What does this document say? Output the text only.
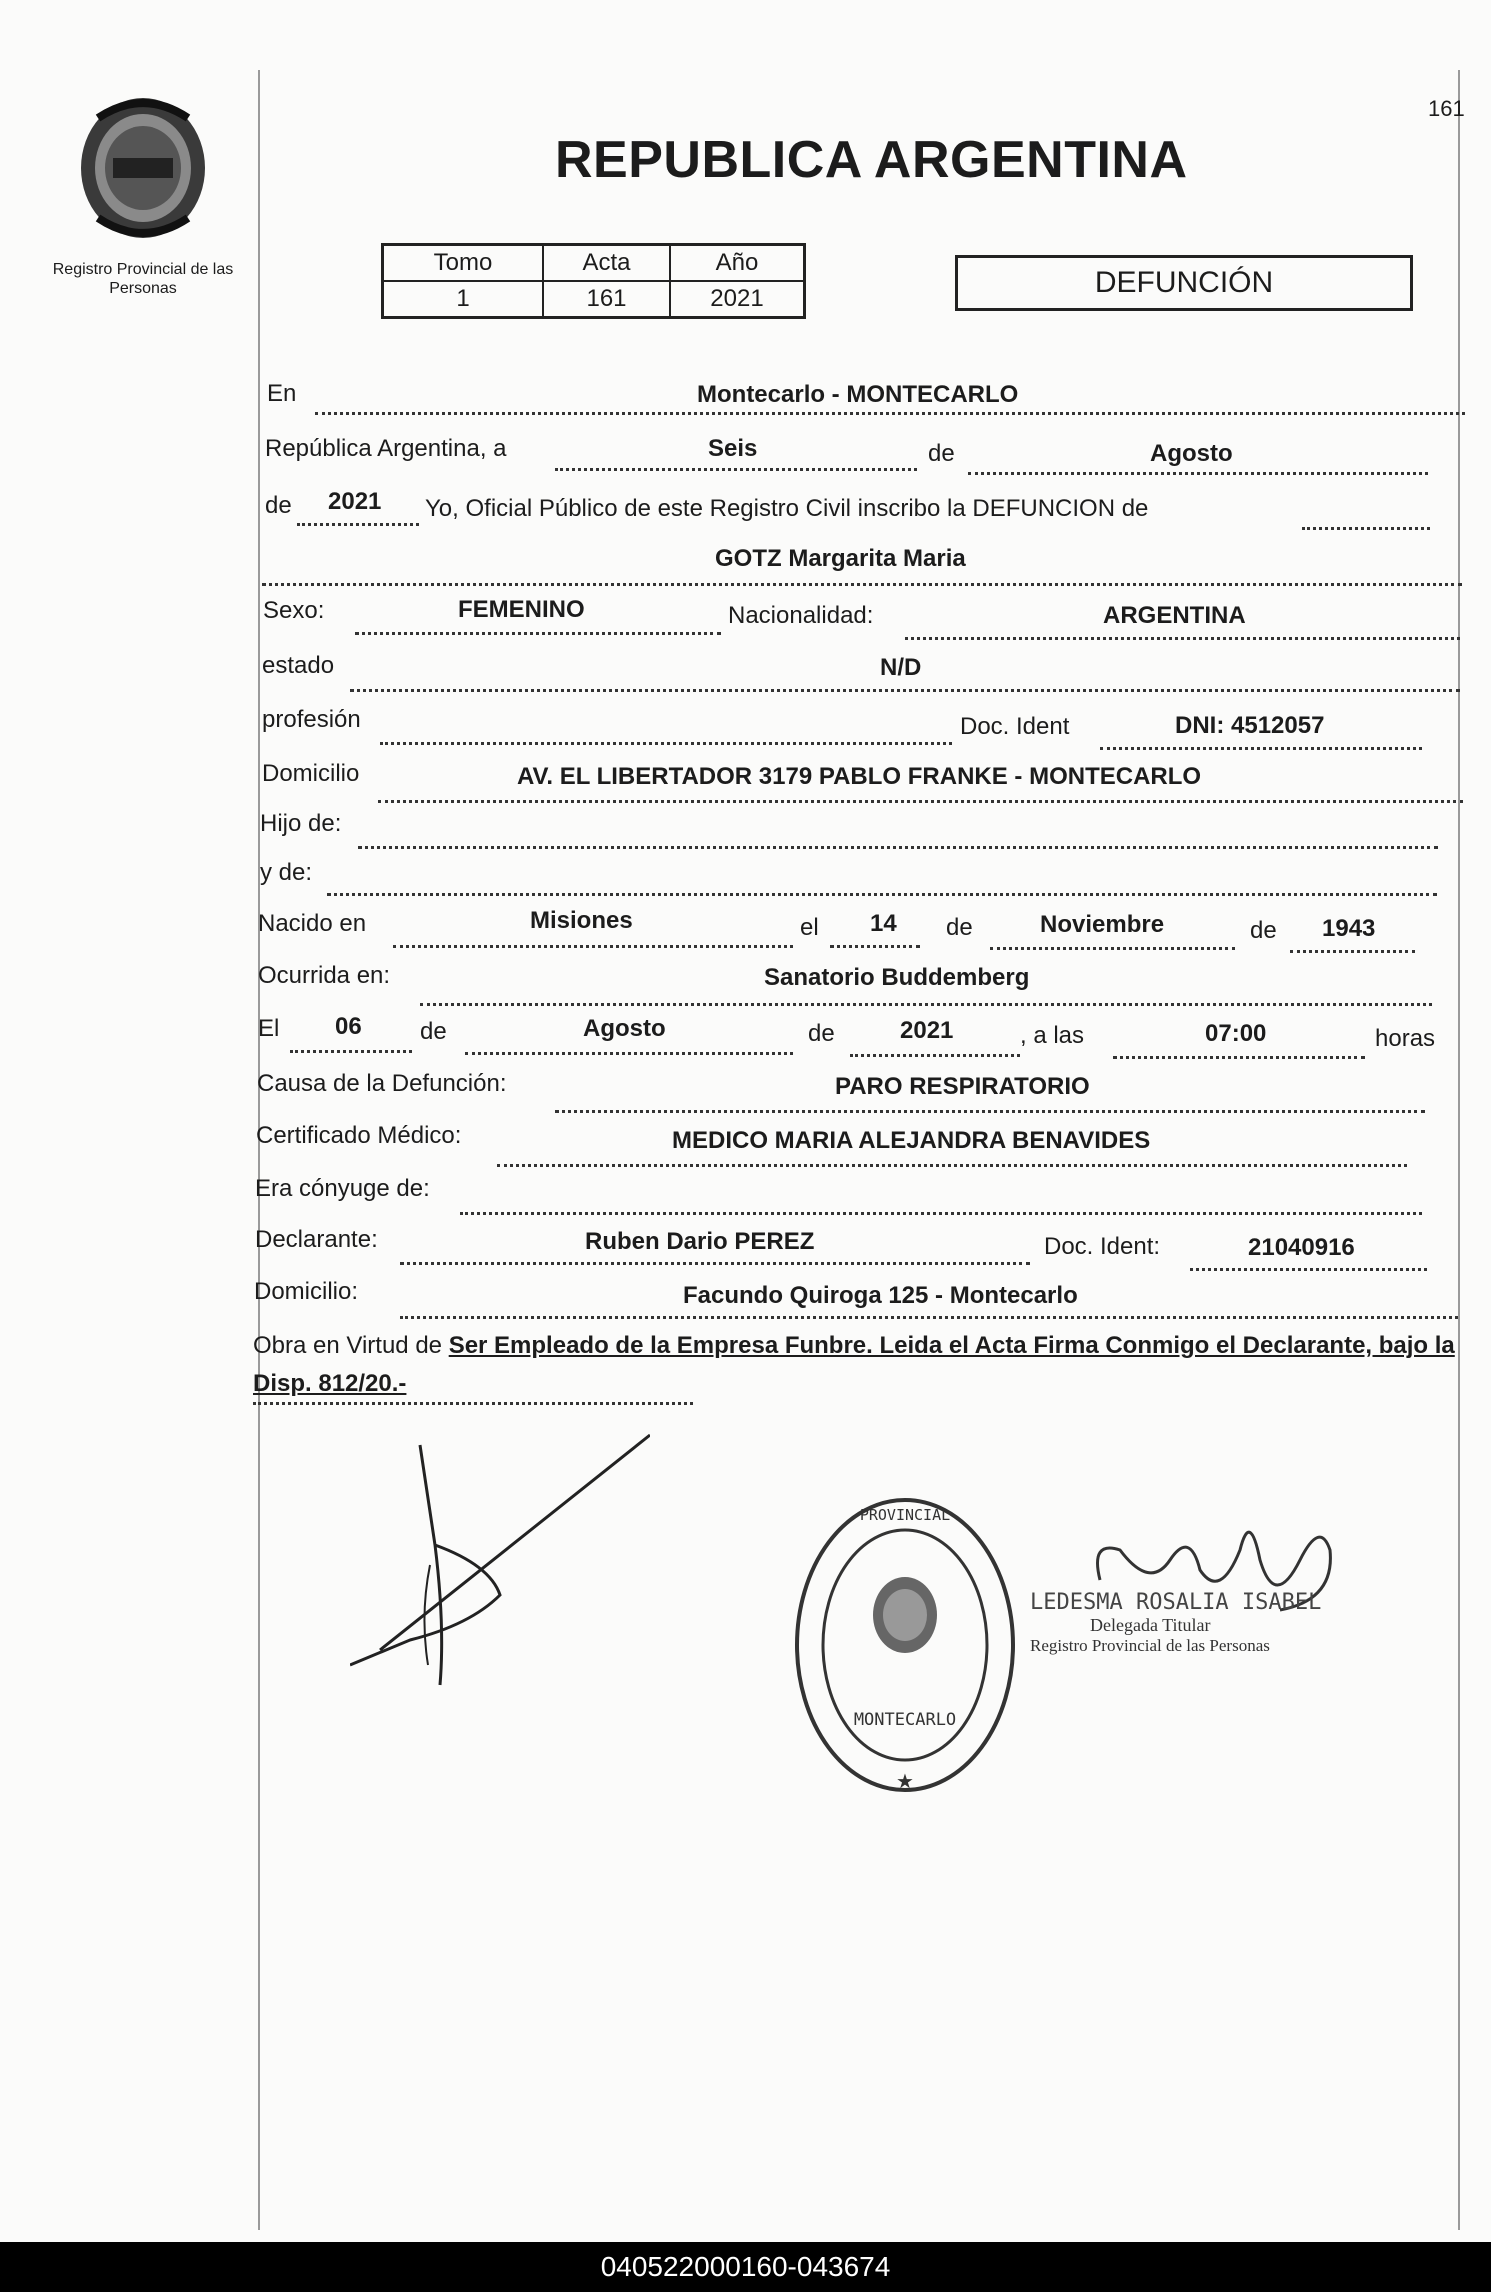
161
Registro Provincial de las Personas
REPUBLICA ARGENTINA
Tomo	Acta	Año
1	161	2021	DEFUNCIÓN
En	Montecarlo - MONTECARLO
República Argentina, a	Seis	de	Agosto
de 2021 Yo, Oficial Público de este Registro Civil inscribo la DEFUNCION de
GOTZ Margarita Maria
Sexo:	FEMENINO	Nacionalidad:	ARGENTINA
estado	N/D
profesión	Doc. Ident	DNI: 4512057
Domicilio	AV. EL LIBERTADOR 3179 PABLO FRANKE - MONTECARLO
Hijo de:
y de:
Nacido en	Misiones	el 14 de	Noviembre	de 1943
Ocurrida en:	Sanatorio Buddemberg
El 06 de	Agosto	de	2021	, a las	07:00	horas
Causa de la Defunción:	PARO RESPIRATORIO
Certificado Médico:	MEDICO MARIA ALEJANDRA BENAVIDES
Era cónyuge de:
Declarante:	Ruben Dario PEREZ	Doc. Ident:	21040916
Domicilio:	Facundo Quiroga 125 - Montecarlo
Obra en Virtud de Ser Empleado de la Empresa Funbre. Leida el Acta Firma Conmigo el Declarante, bajo la Disp. 812/20.-
PROVINCIAL
MONTECARLO
★
LEDESMA ROSALIA ISABEL
Delegada Titular
Registro Provincial de las Personas
040522000160-043674
